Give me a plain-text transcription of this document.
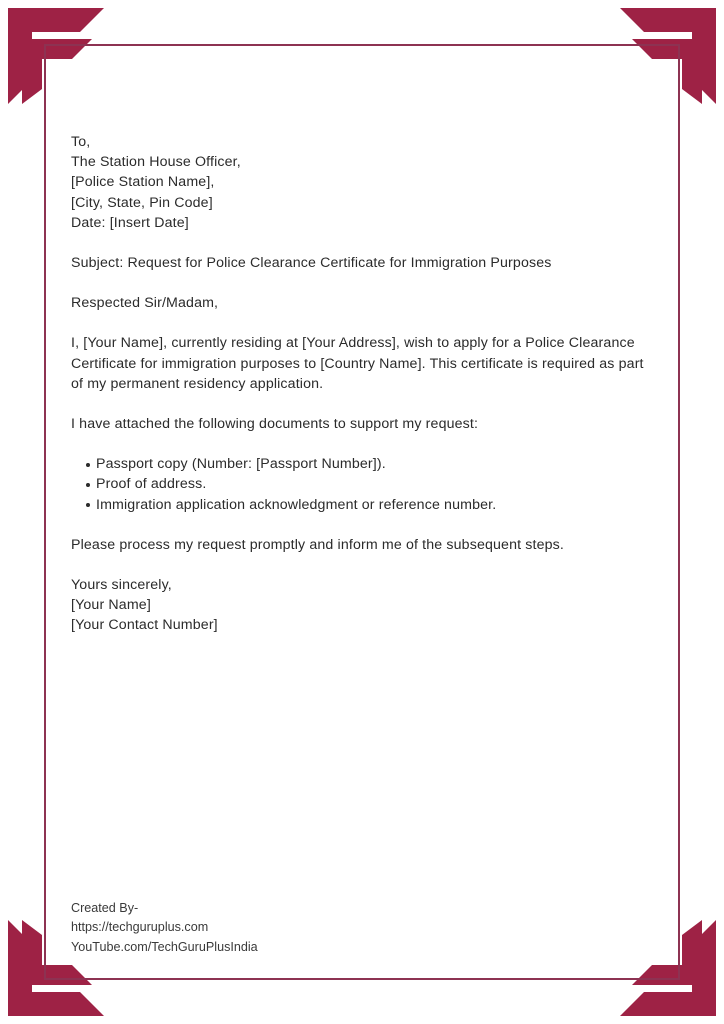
To,
The Station House Officer,
[Police Station Name],
[City, State, Pin Code]
Date: [Insert Date]

Subject: Request for Police Clearance Certificate for Immigration Purposes

Respected Sir/Madam,

I, [Your Name], currently residing at [Your Address], wish to apply for a Police Clearance Certificate for immigration purposes to [Country Name]. This certificate is required as part of my permanent residency application.

I have attached the following documents to support my request:

Passport copy (Number: [Passport Number]).
Proof of address.
Immigration application acknowledgment or reference number.

Please process my request promptly and inform me of the subsequent steps.

Yours sincerely,
[Your Name]
[Your Contact Number]
Created By-
https://techguruplus.com
YouTube.com/TechGuruPlusIndia
